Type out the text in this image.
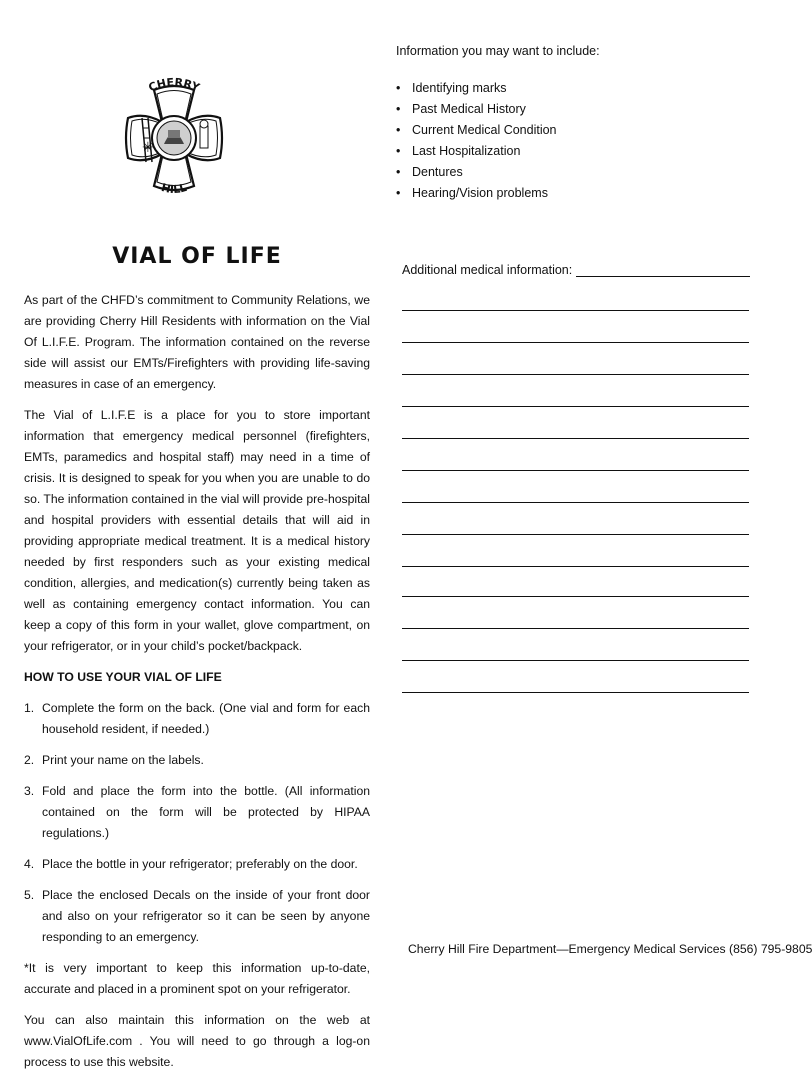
✳
CHERRY
HILL
VIAL OF LIFE

As part of the CHFD’s commitment to Community Relations, we are providing Cherry Hill Residents with information on the Vial Of L.I.F.E. Program. The information contained on the reverse side will assist our EMTs/Firefighters with providing life-saving measures in case of an emergency.

The Vial of L.I.F.E is a place for you to store important information that emergency medical personnel (firefighters, EMTs, paramedics and hospital staff) may need in a time of crisis. It is designed to speak for you when you are unable to do so. The information contained in the vial will provide pre-hospital and hospital providers with essential details that will aid in providing appropriate medical treatment. It is a medical history needed by first responders such as your existing medical condition, allergies, and medication(s) currently being taken as well as containing emergency contact information. You can keep a copy of this form in your wallet, glove compartment, on your refrigerator, or in your child’s pocket/backpack.

HOW TO USE YOUR VIAL OF LIFE

1. Complete the form on the back. (One vial and form for each household resident, if needed.)
2. Print your name on the labels.
3. Fold and place the form into the bottle. (All information contained on the form will be protected by HIPAA regulations.)
4. Place the bottle in your refrigerator; preferably on the door.
5. Place the enclosed Decals on the inside of your front door and also on your refrigerator so it can be seen by anyone responding to an emergency.

*It is very important to keep this information up-to-date, accurate and placed in a prominent spot on your refrigerator.

You can also maintain this information on the web at www.VialOfLife.com . You will need to go through a log-on process to use this website.

Information you may want to include:
• Identifying marks
• Past Medical History
• Current Medical Condition
• Last Hospitalization
• Dentures
• Hearing/Vision problems
Additional medical information:
Cherry Hill Fire Department—Emergency Medical Services (856) 795-9805
